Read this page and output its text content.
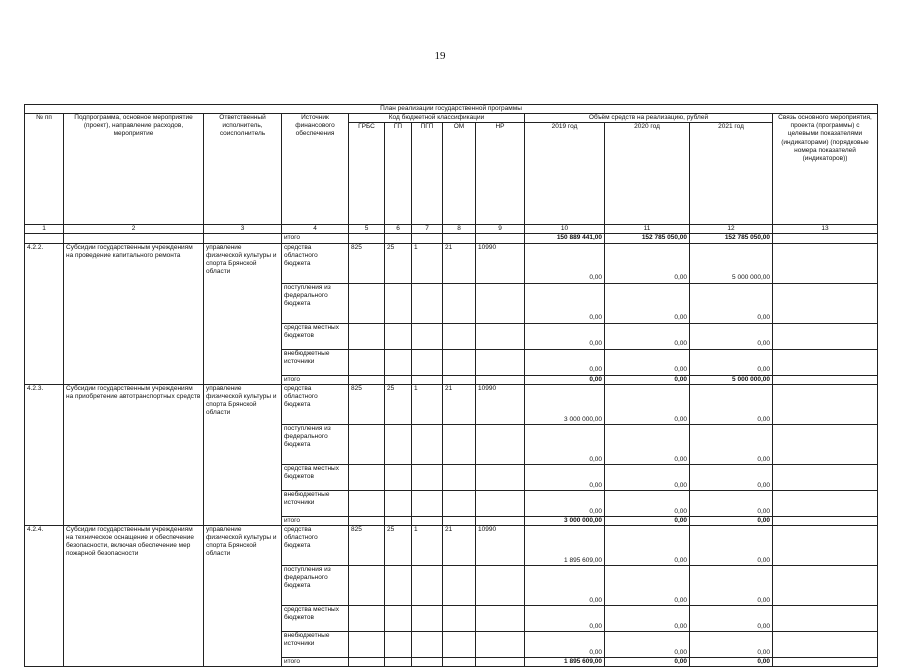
19
План реализации государственной программы												
№ пп	Подпрограмма, основное мероприятие (проект), направление расходов, мероприятие	Ответственный исполнитель, соисполнитель	Источник финансового обеспечения	Код бюджетной классификации					Объём средств на реализацию, рублей			Связь основного мероприятия, проекта (программы) с целевыми показателями (индикаторами) (порядковые номера показателей (индикаторов))
				ГРБС	ГП	ПГП	ОМ	НР	2019 год	2020 год	2021 год	
1	2	3	4	5	6	7	8	9	10	11	12	13
			итого						150 889 441,00	152 785 050,00	152 785 050,00	
4.2.2.	Субсидии государственным учреждениям на проведение капитального ремонта	управление физической культуры и спорта Брянской области	средства областного бюджета	825	25	1	21	10990	0,00	0,00	5 000 000,00	
			поступления из федерального бюджета						0,00	0,00	0,00	
			средства местных бюджетов						0,00	0,00	0,00	
			внебюджетные источники						0,00	0,00	0,00	
			итого						0,00	0,00	5 000 000,00	
4.2.3.	Субсидии государственным учреждениям на приобретение автотранспортных средств	управление физической культуры и спорта Брянской области	средства областного бюджета	825	25	1	21	10990	3 000 000,00	0,00	0,00	
			поступления из федерального бюджета						0,00	0,00	0,00	
			средства местных бюджетов						0,00	0,00	0,00	
			внебюджетные источники						0,00	0,00	0,00	
			итого						3 000 000,00	0,00	0,00	
4.2.4.	Субсидии государственным учреждениям на техническое оснащение и обеспечение безопасности, включая обеспечение мер пожарной безопасности	управление физической культуры и спорта Брянской области	средства областного бюджета	825	25	1	21	10990	1 895 609,00	0,00	0,00	
			поступления из федерального бюджета						0,00	0,00	0,00	
			средства местных бюджетов						0,00	0,00	0,00	
			внебюджетные источники						0,00	0,00	0,00	
			итого						1 895 609,00	0,00	0,00	
